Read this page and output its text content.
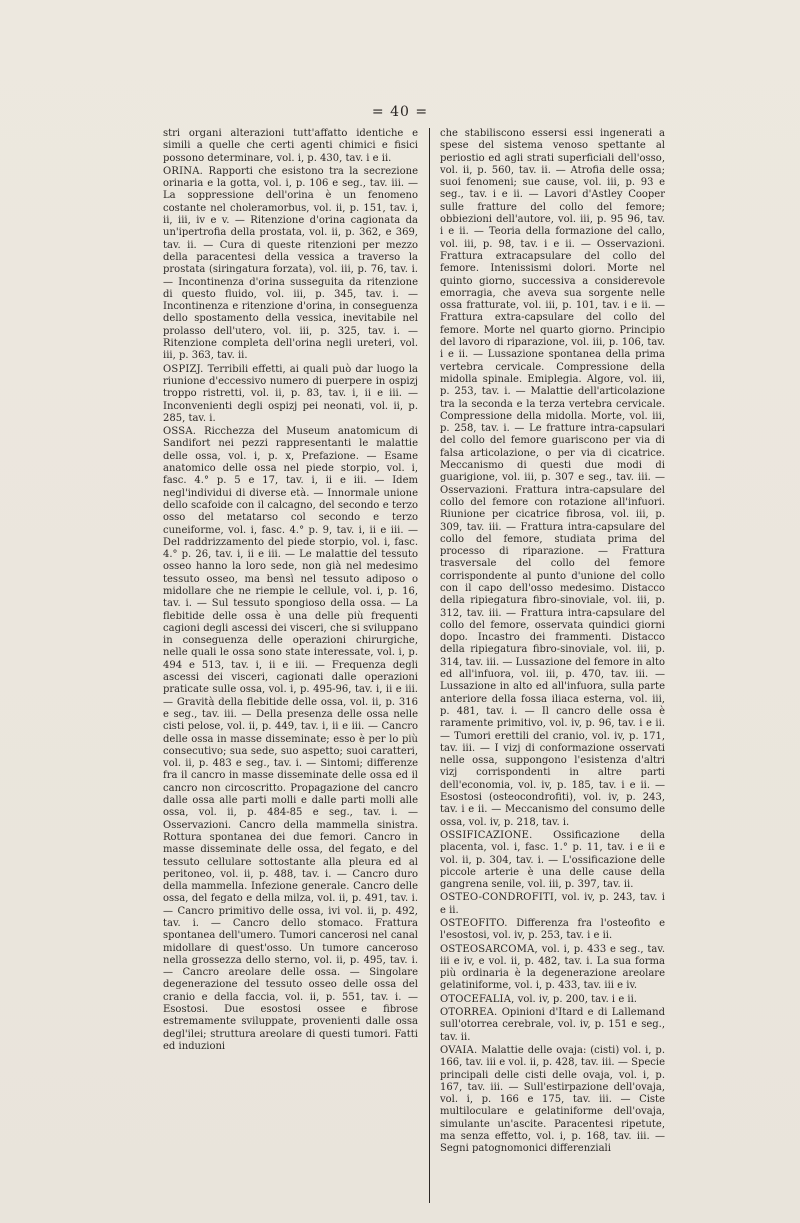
= 40 =

stri organi alterazioni tutt'affatto identiche e simili a quelle che certi agenti chimici e fisici possono determinare, vol. i, p. 430, tav. i e ii.

ORINA. Rapporti che esistono tra la secrezione orinaria e la gotta, vol. i, p. 106 e seg., tav. iii. — La soppressione dell'orina è un fenomeno costante nel choleramorbus, vol. ii, p. 151, tav. i, ii, iii, iv e v. — Ritenzione d'orina cagionata da un'ipertrofia della prostata, vol. ii, p. 362, e 369, tav. ii. — Cura di queste ritenzioni per mezzo della paracentesi della vessica a traverso la prostata (siringatura forzata), vol. iii, p. 76, tav. i. — Incontinenza d'orina susseguita da ritenzione di questo fluido, vol. iii, p. 345, tav. i. — Incontinenza e ritenzione d'orina, in conseguenza dello spostamento della vessica, inevitabile nel prolasso dell'utero, vol. iii, p. 325, tav. i. — Ritenzione completa dell'orina negli ureteri, vol. iii, p. 363, tav. ii.

OSPIZJ. Terribili effetti, ai quali può dar luogo la riunione d'eccessivo numero di puerpere in ospizj troppo ristretti, vol. ii, p. 83, tav. i, ii e iii. — Inconvenienti degli ospizj pei neonati, vol. ii, p. 285, tav. i.

OSSA. Ricchezza del Museum anatomicum di Sandifort nei pezzi rappresentanti le malattie delle ossa, vol. i, p. x, Prefazione. — Esame anatomico delle ossa nel piede storpio, vol. i, fasc. 4.° p. 5 e 17, tav. i, ii e iii. — Idem negl'individui di diverse età. — Innormale unione dello scafoide con il calcagno, del secondo e terzo osso del metatarso col secondo e terzo cuneiforme, vol. i, fasc. 4.° p. 9, tav. i, ii e iii. — Del raddrizzamento del piede storpio, vol. i, fasc. 4.° p. 26, tav. i, ii e iii. — Le malattie del tessuto osseo hanno la loro sede, non già nel medesimo tessuto osseo, ma bensì nel tessuto adiposo o midollare che ne riempie le cellule, vol. i, p. 16, tav. i. — Sul tessuto spongioso della ossa. — La flebitide delle ossa è una delle più frequenti cagioni degli ascessi dei visceri, che si sviluppano in conseguenza delle operazioni chirurgiche, nelle quali le ossa sono state interessate, vol. i, p. 494 e 513, tav. i, ii e iii. — Frequenza degli ascessi dei visceri, cagionati dalle operazioni praticate sulle ossa, vol. i, p. 495-96, tav. i, ii e iii. — Gravità della flebitide delle ossa, vol. ii, p. 316 e seg., tav. iii. — Della presenza delle ossa nelle cisti pelose, vol. ii, p. 449, tav. i, ii e iii. — Cancro delle ossa in masse disseminate; esso è per lo più consecutivo; sua sede, suo aspetto; suoi caratteri, vol. ii, p. 483 e seg., tav. i. — Sintomi; differenze fra il cancro in masse disseminate delle ossa ed il cancro non circoscritto. Propagazione del cancro dalle ossa alle parti molli e dalle parti molli alle ossa, vol. ii, p. 484-85 e seg., tav. i. — Osservazioni. Cancro della mammella sinistra. Rottura spontanea dei due femori. Cancro in masse disseminate delle ossa, del fegato, e del tessuto cellulare sottostante alla pleura ed al peritoneo, vol. ii, p. 488, tav. i. — Cancro duro della mammella. Infezione generale. Cancro delle ossa, del fegato e della milza, vol. ii, p. 491, tav. i. — Cancro primitivo delle ossa, ivi vol. ii, p. 492, tav. i. — Cancro dello stomaco. Frattura spontanea dell'umero. Tumori cancerosi nel canal midollare di quest'osso. Un tumore canceroso nella grossezza dello sterno, vol. ii, p. 495, tav. i. — Cancro areolare delle ossa. — Singolare degenerazione del tessuto osseo delle ossa del cranio e della faccia, vol. ii, p. 551, tav. i. — Esostosi. Due esostosi ossee e fibrose estremamente sviluppate, provenienti dalle ossa degl'ilei; struttura areolare di questi tumori. Fatti ed induzioni

che stabiliscono essersi essi ingenerati a spese del sistema venoso spettante al periostio ed agli strati superficiali dell'osso, vol. ii, p. 560, tav. ii. — Atrofia delle ossa; suoi fenomeni; sue cause, vol. iii, p. 93 e seg., tav. i e ii. — Lavori d'Astley Cooper sulle fratture del collo del femore; obbiezioni dell'autore, vol. iii, p. 95 96, tav. i e ii. — Teoria della formazione del callo, vol. iii, p. 98, tav. i e ii. — Osservazioni. Frattura extracapsulare del collo del femore. Intenissismi dolori. Morte nel quinto giorno, successiva a considerevole emorragia, che aveva sua sorgente nelle ossa fratturate, vol. iii, p. 101, tav. i e ii. — Frattura extra-capsulare del collo del femore. Morte nel quarto giorno. Principio del lavoro di riparazione, vol. iii, p. 106, tav. i e ii. — Lussazione spontanea della prima vertebra cervicale. Compressione della midolla spinale. Emiplegia. Algore, vol. iii, p. 253, tav. i. — Malattie dell'articolazione tra la seconda e la terza vertebra cervicale. Compressione della midolla. Morte, vol. iii, p. 258, tav. i. — Le fratture intra-capsulari del collo del femore guariscono per via di falsa articolazione, o per via di cicatrice. Meccanismo di questi due modi di guarigione, vol. iii, p. 307 e seg., tav. iii. — Osservazioni. Frattura intra-capsulare del collo del femore con rotazione all'infuori. Riunione per cicatrice fibrosa, vol. iii, p. 309, tav. iii. — Frattura intra-capsulare del collo del femore, studiata prima del processo di riparazione. — Frattura trasversale del collo del femore corrispondente al punto d'unione del collo con il capo dell'osso medesimo. Distacco della ripiegatura fibro-sinoviale, vol. iii, p. 312, tav. iii. — Frattura intra-capsulare del collo del femore, osservata quindici giorni dopo. Incastro dei frammenti. Distacco della ripiegatura fibro-sinoviale, vol. iii, p. 314, tav. iii. — Lussazione del femore in alto ed all'infuora, vol. iii, p. 470, tav. iii. — Lussazione in alto ed all'infuora, sulla parte anteriore della fossa iliaca esterna, vol. iii, p. 481, tav. i. — Il cancro delle ossa è raramente primitivo, vol. iv, p. 96, tav. i e ii. — Tumori erettili del cranio, vol. iv, p. 171, tav. iii. — I vizj di conformazione osservati nelle ossa, suppongono l'esistenza d'altri vizj corrispondenti in altre parti dell'economia, vol. iv, p. 185, tav. i e ii. — Esostosi (osteocondrofiti), vol. iv, p. 243, tav. i e ii. — Meccanismo del consumo delle ossa, vol. iv, p. 218, tav. i.

OSSIFICAZIONE. Ossificazione della placenta, vol. i, fasc. 1.° p. 11, tav. i e ii e vol. ii, p. 304, tav. i. — L'ossificazione delle piccole arterie è una delle cause della gangrena senile, vol. iii, p. 397, tav. ii.

OSTEO-CONDROFITI, vol. iv, p. 243, tav. i e ii.

OSTEOFITO. Differenza fra l'osteofito e l'esostosi, vol. iv, p. 253, tav. i e ii.

OSTEOSARCOMA, vol. i, p. 433 e seg., tav. iii e iv, e vol. ii, p. 482, tav. i. La sua forma più ordinaria è la degenerazione areolare gelatiniforme, vol. i, p. 433, tav. iii e iv.

OTOCEFALIA, vol. iv, p. 200, tav. i e ii.

OTORREA. Opinioni d'Itard e di Lallemand sull'otorrea cerebrale, vol. iv, p. 151 e seg., tav. ii.

OVAIA. Malattie delle ovaja: (cisti) vol. i, p. 166, tav. iii e vol. ii, p. 428, tav. iii. — Specie principali delle cisti delle ovaja, vol. i, p. 167, tav. iii. — Sull'estirpazione dell'ovaja, vol. i, p. 166 e 175, tav. iii. — Ciste multiloculare e gelatiniforme dell'ovaja, simulante un'ascite. Paracentesi ripetute, ma senza effetto, vol. i, p. 168, tav. iii. — Segni patognomonici differenziali
